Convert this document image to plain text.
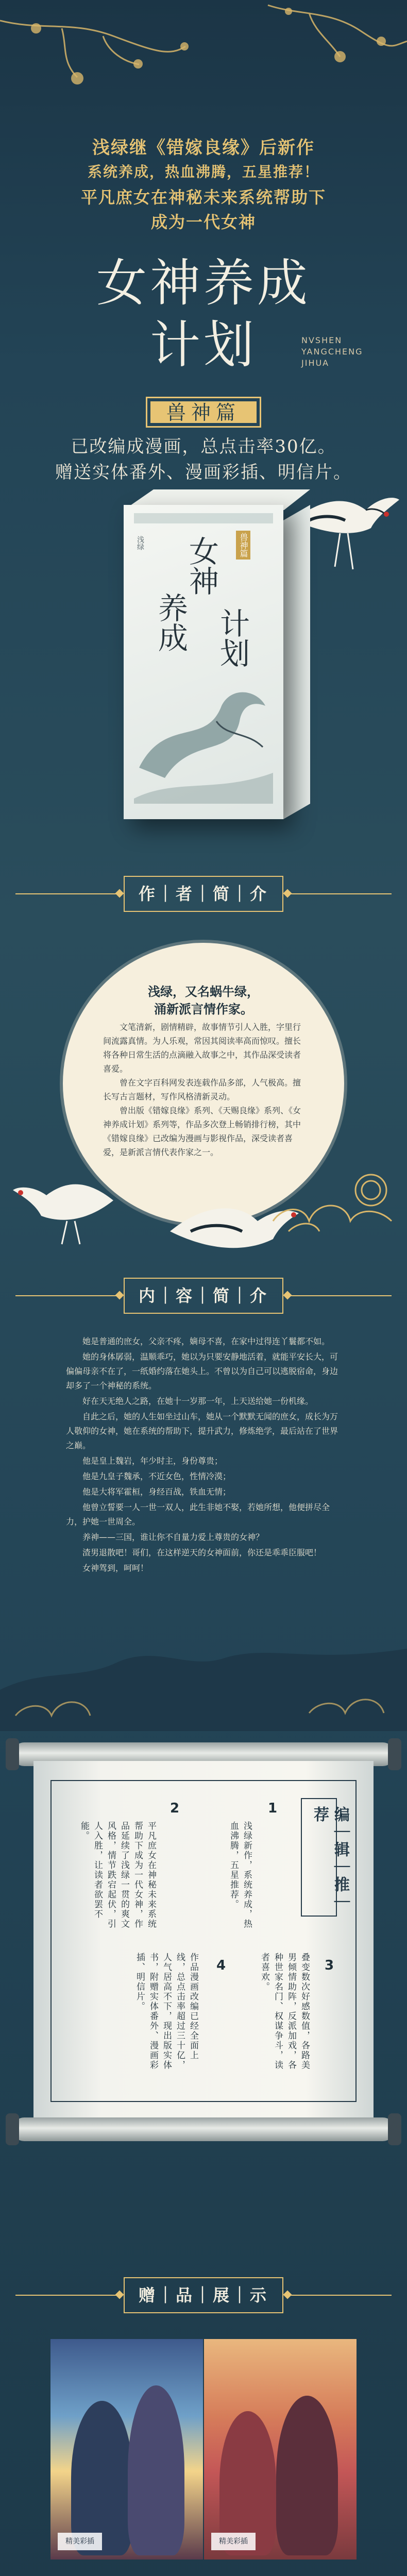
浅绿继《错嫁良缘》后新作
系统养成，热血沸腾，五星推荐！
平凡庶女在神秘未来系统帮助下
成为一代女神
女神养成
计划	NVSHEN
YANGCHENG
JIHUA
兽神篇
已改编成漫画，总点击率30亿。
赠送实体番外、漫画彩插、明信片。
女神
养成 计划
兽神篇
浅绿
作｜者｜简｜介
浅绿，又名蜗牛绿，
涌新派言情作家。

文笔清新，剧情精辟，故事情节引人入胜，字里行间流露真情。为人乐观，常因其阅读率高而惊叹。擅长将各种日常生活的点滴融入故事之中，其作品深受读者喜爱。

曾在文字百科网发表连载作品多部，人气极高。擅长写古言题材，写作风格清新灵动。

曾出版《错嫁良缘》系列、《天赐良缘》系列、《女神养成计划》系列等，作品多次登上畅销排行榜，其中《错嫁良缘》已改编为漫画与影视作品，深受读者喜爱，是新派言情代表作家之一。

内｜容｜简｜介

她是普通的庶女，父亲不疼，嫡母不喜，在家中过得连丫鬟都不如。

她的身体孱弱，温顺乖巧，她以为只要安静地活着，就能平安长大，可偏偏母亲不在了，一纸婚约落在她头上。不曾以为自己可以逃脱宿命，身边却多了一个神秘的系统。

好在天无绝人之路，在她十一岁那一年，上天送给她一份机缘。

自此之后，她的人生如坐过山车，她从一个默默无闻的庶女，成长为万人敬仰的女神，她在系统的帮助下，提升武力，修炼绝学，最后站在了世界之巅。

他是皇上魏岩，年少时主，身份尊贵；

他是九皇子魏承，不近女色，性情冷漠；

他是大将军霍桓，身经百战，铁血无情；

他曾立誓要一人一世一双人，此生非她不娶，若她所想，他便拼尽全力，护她一世周全。

养神——三国，谁让你不自量力爱上尊贵的女神？

渣男退散吧！哥们，在这样逆天的女神面前，你还是乖乖臣服吧！

女神驾到，呵呵！

编｜辑｜推｜荐
1
浅绿新作，系统养成，热血沸腾，五星推荐。
2
平凡庶女在神秘未来系统帮助下成为一代女神，作品延续了浅绿一贯的爽文风格，情节跌宕起伏，引人入胜，让读者欲罢不能。
3
叠变数次好感数值，各路美男倾情助阵，反派加戏，各种世家名门、权谋争斗，读者喜欢。
4
作品漫画改编已经全面上线，总点击率超过三十亿，人气居高不下，现出版实体书，附赠实体番外、漫画彩插、明信片。
赠｜品｜展｜示
精美彩插	精美彩插
